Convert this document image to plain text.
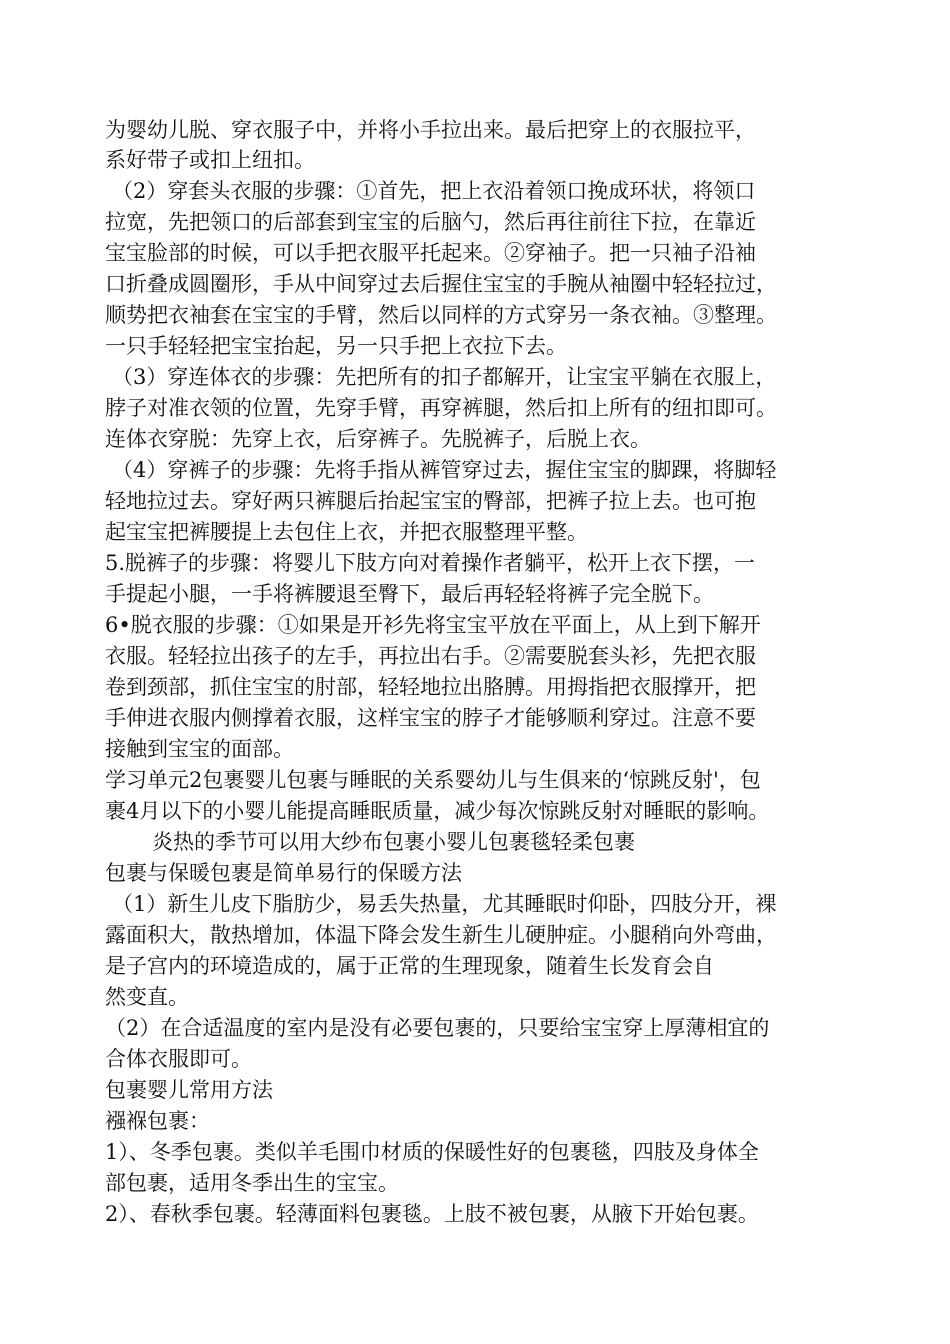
为婴幼儿脱、穿衣服子中，并将小手拉出来。最后把穿上的衣服拉平，
系好带子或扣上纽扣。
（2）穿套头衣服的步骤：①首先，把上衣沿着领口挽成环状，将领口
拉宽，先把领口的后部套到宝宝的后脑勺，然后再往前往下拉，在靠近
宝宝脸部的时候，可以手把衣服平托起来。②穿袖子。把一只袖子沿袖
口折叠成圆圈形，手从中间穿过去后握住宝宝的手腕从袖圈中轻轻拉过，
顺势把衣袖套在宝宝的手臂，然后以同样的方式穿另一条衣袖。③整理。
一只手轻轻把宝宝抬起，另一只手把上衣拉下去。
（3）穿连体衣的步骤：先把所有的扣子都解开，让宝宝平躺在衣服上，
脖子对准衣领的位置，先穿手臂，再穿裤腿，然后扣上所有的纽扣即可。
连体衣穿脱：先穿上衣，后穿裤子。先脱裤子，后脱上衣。
（4）穿裤子的步骤：先将手指从裤管穿过去，握住宝宝的脚踝，将脚轻
轻地拉过去。穿好两只裤腿后抬起宝宝的臀部，把裤子拉上去。也可抱
起宝宝把裤腰提上去包住上衣，并把衣服整理平整。
5.脱裤子的步骤：将婴儿下肢方向对着操作者躺平，松开上衣下摆，一
手提起小腿，一手将裤腰退至臀下，最后再轻轻将裤子完全脱下。
6•脱衣服的步骤：①如果是开衫先将宝宝平放在平面上，从上到下解开
衣服。轻轻拉出孩子的左手，再拉出右手。②需要脱套头衫，先把衣服
卷到颈部，抓住宝宝的肘部，轻轻地拉出胳膊。用拇指把衣服撑开，把
手伸进衣服内侧撑着衣服，这样宝宝的脖子才能够顺利穿过。注意不要
接触到宝宝的面部。
学习单元2包裹婴儿包裹与睡眠的关系婴幼儿与生俱来的‘惊跳反射'，包
裹4月以下的小婴儿能提高睡眠质量，减少每次惊跳反射对睡眠的影响。
炎热的季节可以用大纱布包裹小婴儿包裹毯轻柔包裹
包裹与保暖包裹是简单易行的保暖方法
（1）新生儿皮下脂肪少，易丢失热量，尤其睡眠时仰卧，四肢分开，裸
露面积大，散热增加，体温下降会发生新生儿硬肿症。小腿稍向外弯曲，
是子宫内的环境造成的，属于正常的生理现象，随着生长发育会自
然变直。
（2）在合适温度的室内是没有必要包裹的，只要给宝宝穿上厚薄相宜的
合体衣服即可。
包裹婴儿常用方法
襁褓包裹：
1）、冬季包裹。类似羊毛围巾材质的保暖性好的包裹毯，四肢及身体全
部包裹，适用冬季出生的宝宝。
2）、春秋季包裹。轻薄面料包裹毯。上肢不被包裹，从腋下开始包裹。
